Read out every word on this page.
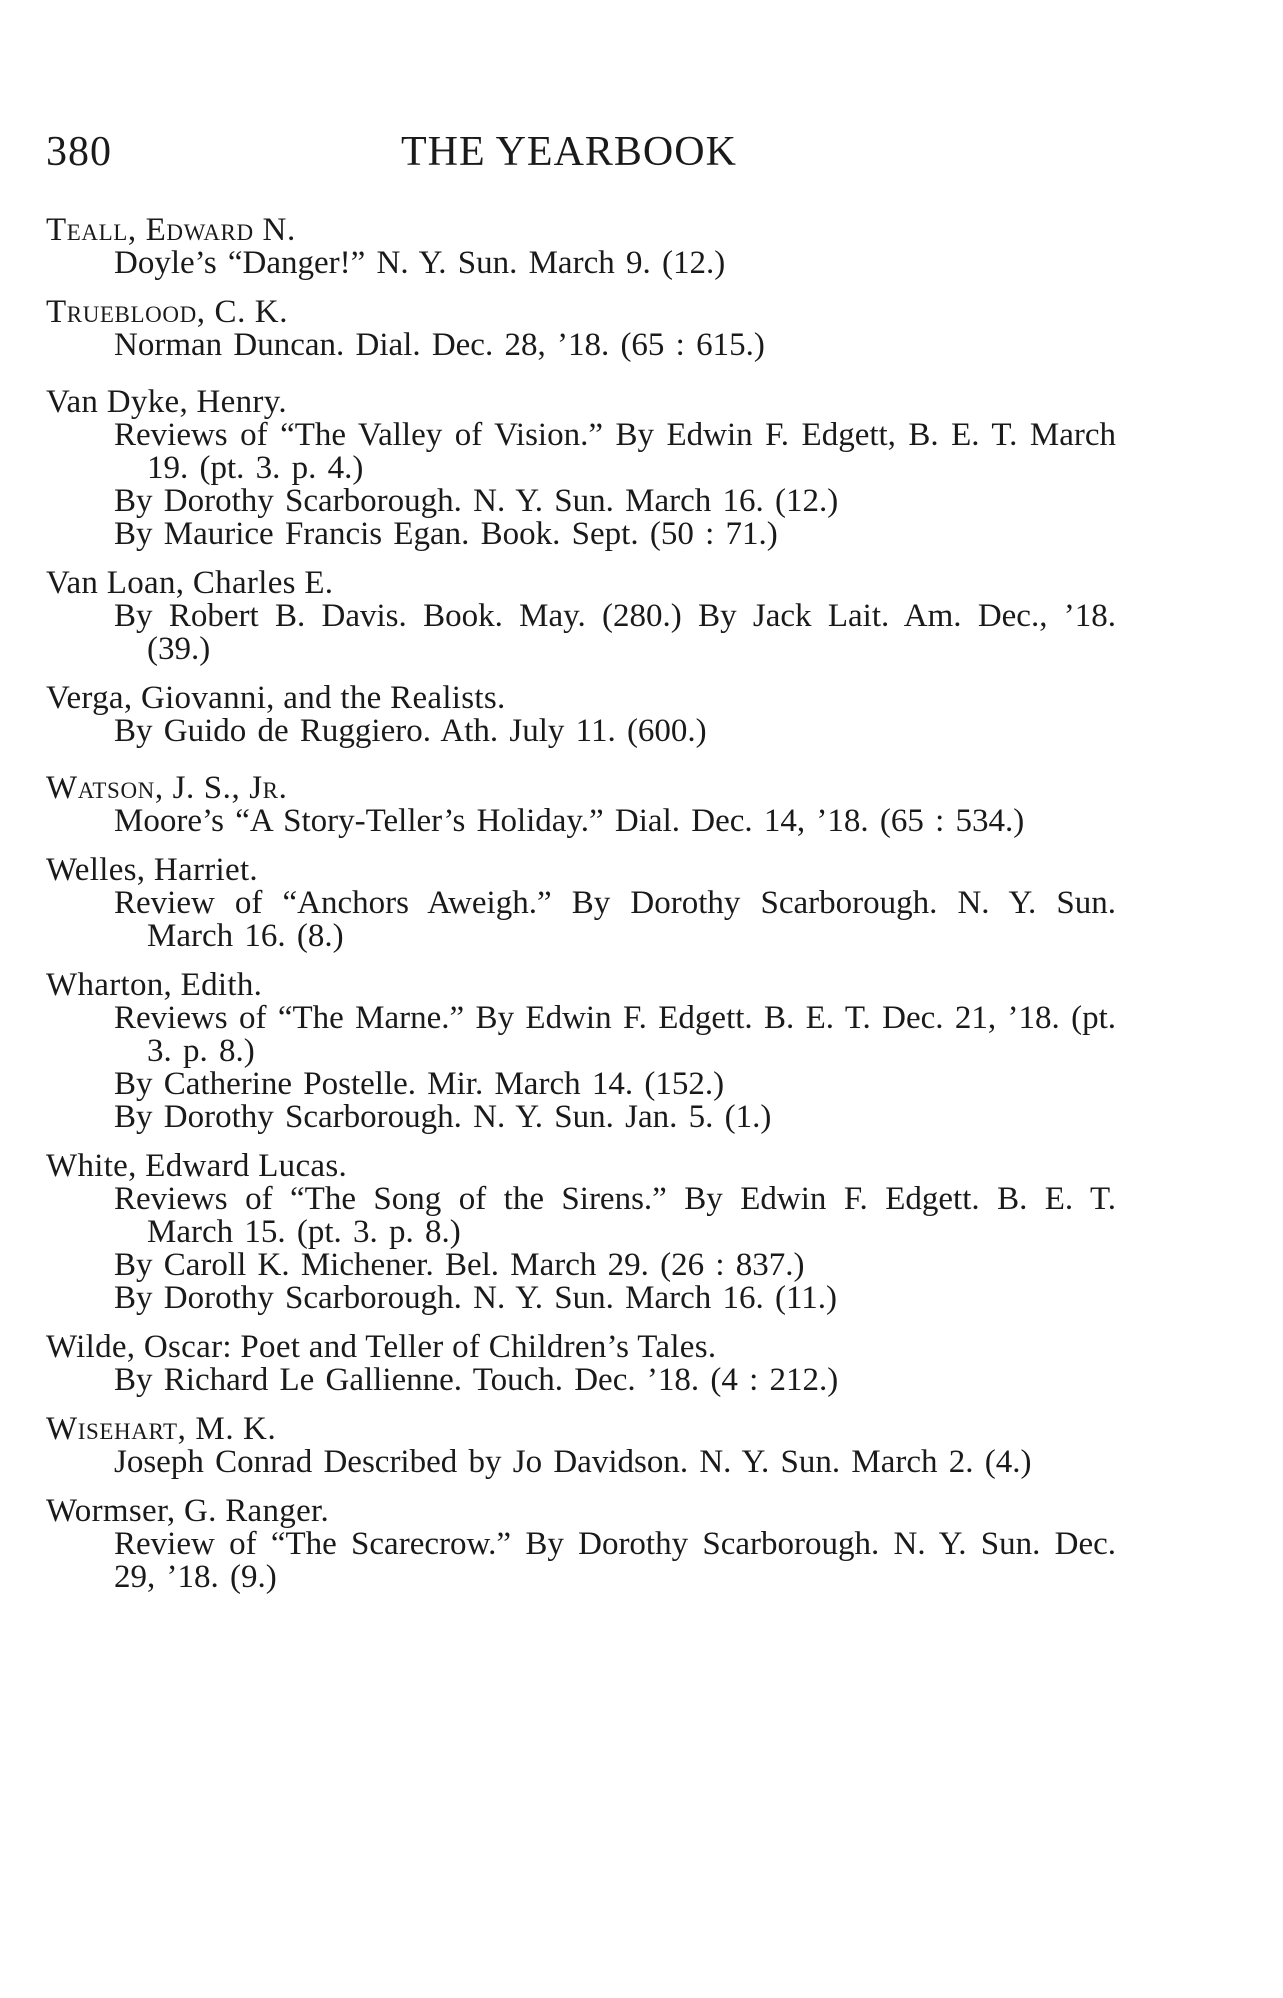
380	THE YEARBOOK
Teall, Edward N.
Doyle’s “Danger!” N. Y. Sun. March 9. (12.)
Trueblood, C. K.
Norman Duncan. Dial. Dec. 28, ’18. (65 : 615.)
Van Dyke, Henry.
Reviews of “The Valley of Vision.” By Edwin F. Edgett, B. E. T. March 19. (pt. 3. p. 4.)
By Dorothy Scarborough. N. Y. Sun. March 16. (12.)
By Maurice Francis Egan. Book. Sept. (50 : 71.)
Van Loan, Charles E.
By Robert B. Davis. Book. May. (280.) By Jack Lait. Am. Dec., ’18. (39.)
Verga, Giovanni, and the Realists.
By Guido de Ruggiero. Ath. July 11. (600.)
Watson, J. S., Jr.
Moore’s “A Story-Teller’s Holiday.” Dial. Dec. 14, ’18. (65 : 534.)
Welles, Harriet.
Review of “Anchors Aweigh.” By Dorothy Scarborough. N. Y. Sun. March 16. (8.)
Wharton, Edith.
Reviews of “The Marne.” By Edwin F. Edgett. B. E. T. Dec. 21, ’18. (pt. 3. p. 8.)
By Catherine Postelle. Mir. March 14. (152.)
By Dorothy Scarborough. N. Y. Sun. Jan. 5. (1.)
White, Edward Lucas.
Reviews of “The Song of the Sirens.” By Edwin F. Edgett. B. E. T. March 15. (pt. 3. p. 8.)
By Caroll K. Michener. Bel. March 29. (26 : 837.)
By Dorothy Scarborough. N. Y. Sun. March 16. (11.)
Wilde, Oscar: Poet and Teller of Children’s Tales.
By Richard Le Gallienne. Touch. Dec. ’18. (4 : 212.)
Wisehart, M. K.
Joseph Conrad Described by Jo Davidson. N. Y. Sun. March 2. (4.)
Wormser, G. Ranger.
Review of “The Scarecrow.” By Dorothy Scarborough. N. Y. Sun. Dec. 29, ’18. (9.)
